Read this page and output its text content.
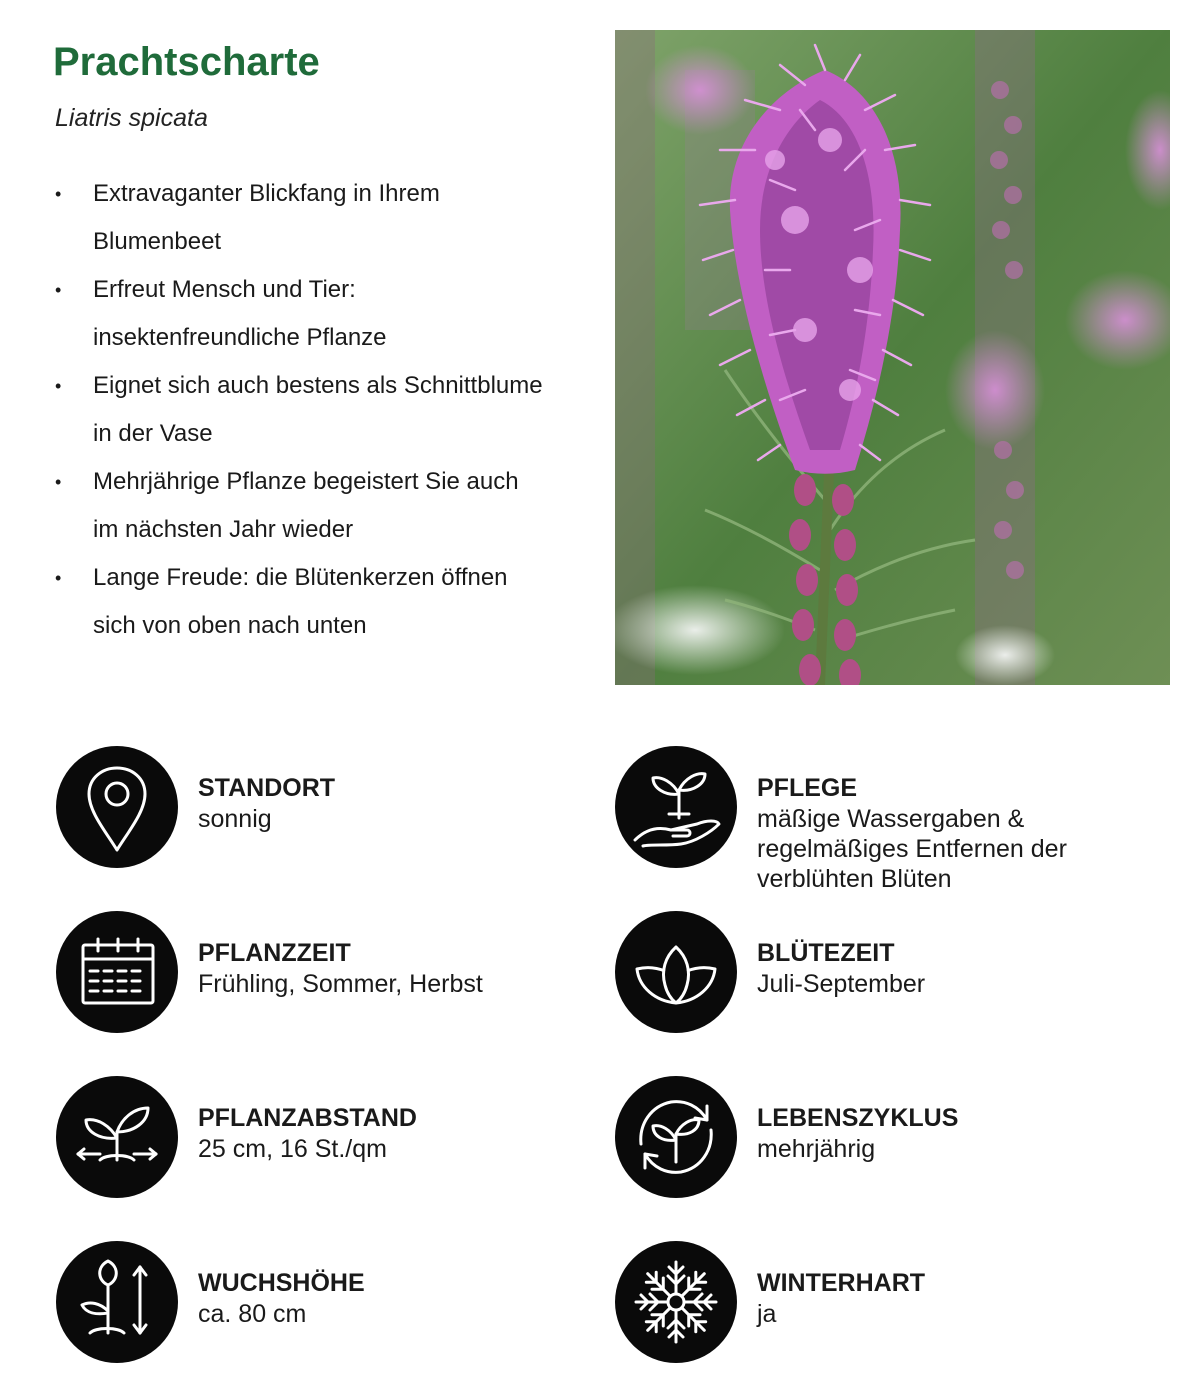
Prachtscharte
Liatris spicata
• Extravaganter Blickfang in Ihrem
Blumenbeet
• Erfreut Mensch und Tier:
insektenfreundliche Pflanze
• Eignet sich auch bestens als Schnittblume
in der Vase
• Mehrjährige Pflanze begeistert Sie auch
im nächsten Jahr wieder
• Lange Freude: die Blütenkerzen öffnen
sich von oben nach unten
STANDORT
sonnig
PFLEGE
mäßige Wassergaben & regelmäßiges Entfernen der verblühten Blüten
PFLANZZEIT
Frühling, Sommer, Herbst
BLÜTEZEIT
Juli-September
PFLANZABSTAND
25 cm, 16 St./qm
LEBENSZYKLUS
mehrjährig
WUCHSHÖHE
ca. 80 cm
WINTERHART
ja
